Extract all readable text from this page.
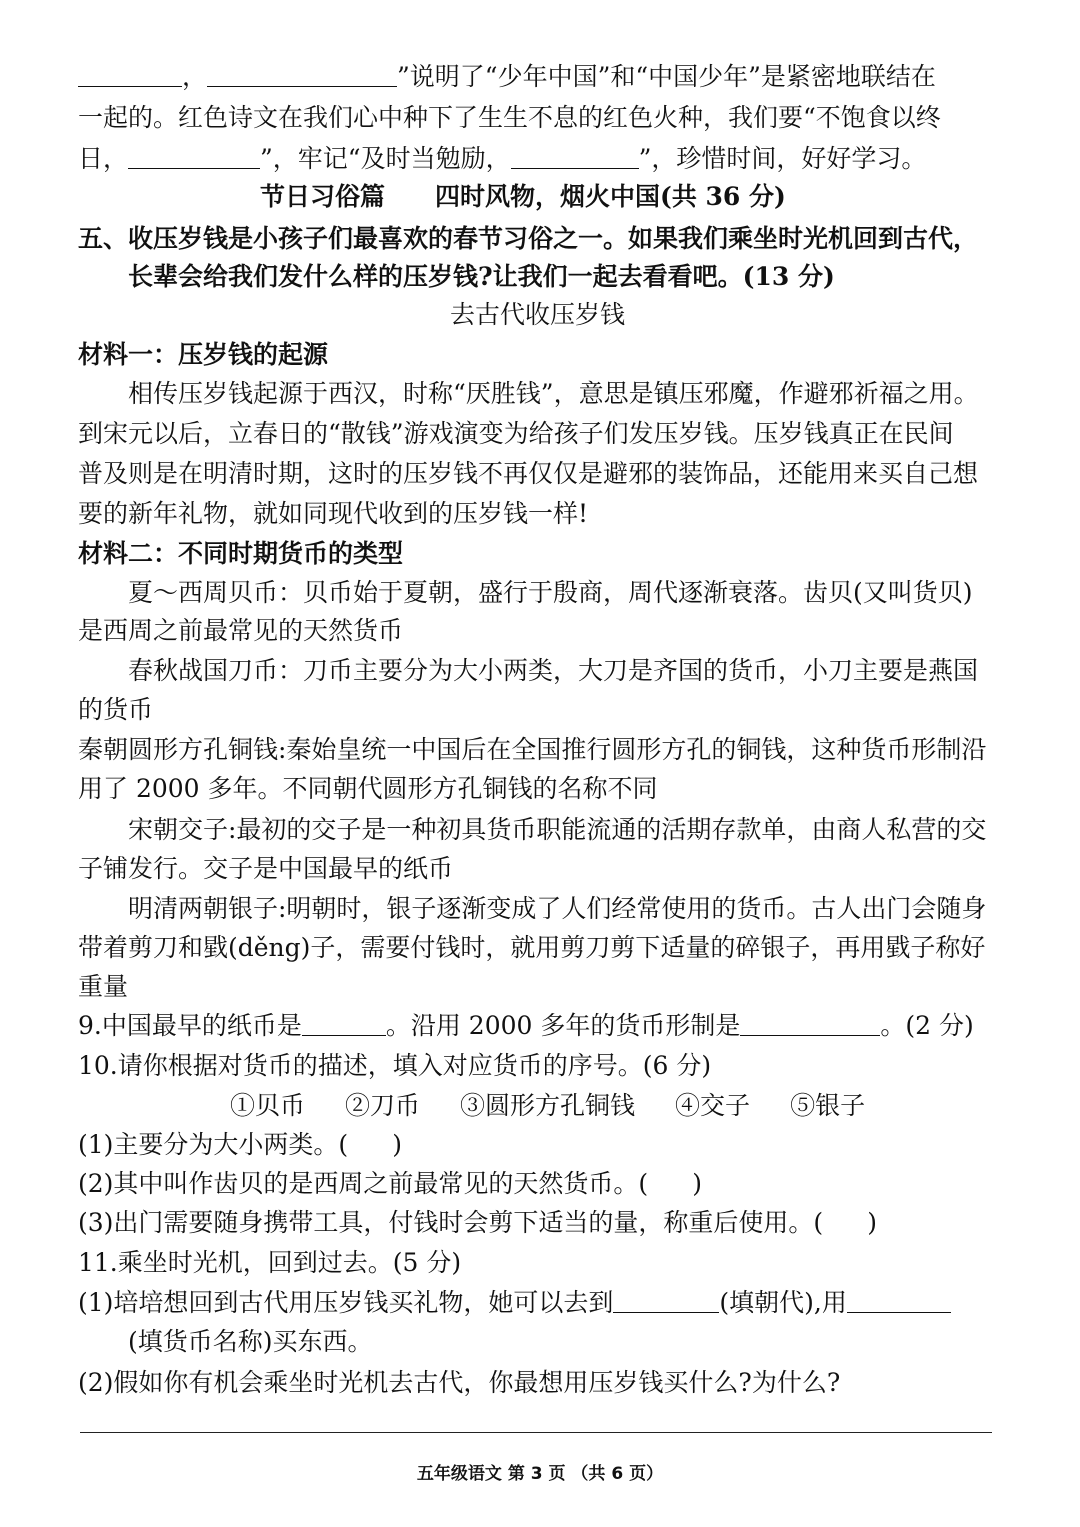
，	”说明了“少年中国”和“中国少年”是紧密地联结在
一起的。红色诗文在我们心中种下了生生不息的红色火种，我们要“不饱食以终
日，	”，牢记“及时当勉励，	”，珍惜时间，好好学习。
节日习俗篇　　四时风物，烟火中国(共 36 分)
五、收压岁钱是小孩子们最喜欢的春节习俗之一。如果我们乘坐时光机回到古代，
长辈会给我们发什么样的压岁钱?让我们一起去看看吧。(13 分)
去古代收压岁钱
材料一：压岁钱的起源
相传压岁钱起源于西汉，时称“厌胜钱”，意思是镇压邪魔，作避邪祈福之用。
到宋元以后，立春日的“散钱”游戏演变为给孩子们发压岁钱。压岁钱真正在民间
普及则是在明清时期，这时的压岁钱不再仅仅是避邪的装饰品，还能用来买自己想
要的新年礼物，就如同现代收到的压岁钱一样!
材料二：不同时期货币的类型
夏～西周贝币：贝币始于夏朝，盛行于殷商，周代逐渐衰落。齿贝(又叫货贝)
是西周之前最常见的天然货币
春秋战国刀币：刀币主要分为大小两类，大刀是齐国的货币，小刀主要是燕国
的货币
秦朝圆形方孔铜钱:秦始皇统一中国后在全国推行圆形方孔的铜钱，这种货币形制沿
用了 2000 多年。不同朝代圆形方孔铜钱的名称不同
宋朝交子:最初的交子是一种初具货币职能流通的活期存款单，由商人私营的交
子铺发行。交子是中国最早的纸币
明清两朝银子:明朝时，银子逐渐变成了人们经常使用的货币。古人出门会随身
带着剪刀和戥(děng)子，需要付钱时，就用剪刀剪下适量的碎银子，再用戥子称好
重量
9.中国最早的纸币是	。沿用 2000 多年的货币形制是	。(2 分)
10.请你根据对货币的描述，填入对应货币的序号。(6 分)
①贝币 ②刀币 ③圆形方孔铜钱 ④交子 ⑤银子
(1)主要分为大小两类。( )
(2)其中叫作齿贝的是西周之前最常见的天然货币。( )
(3)出门需要随身携带工具，付钱时会剪下适当的量，称重后使用。( )
11.乘坐时光机，回到过去。(5 分)
(1)培培想回到古代用压岁钱买礼物，她可以去到	(填朝代),用
(填货币名称)买东西。
(2)假如你有机会乘坐时光机去古代，你最想用压岁钱买什么?为什么?
五年级语文 第 3 页 （共 6 页）
